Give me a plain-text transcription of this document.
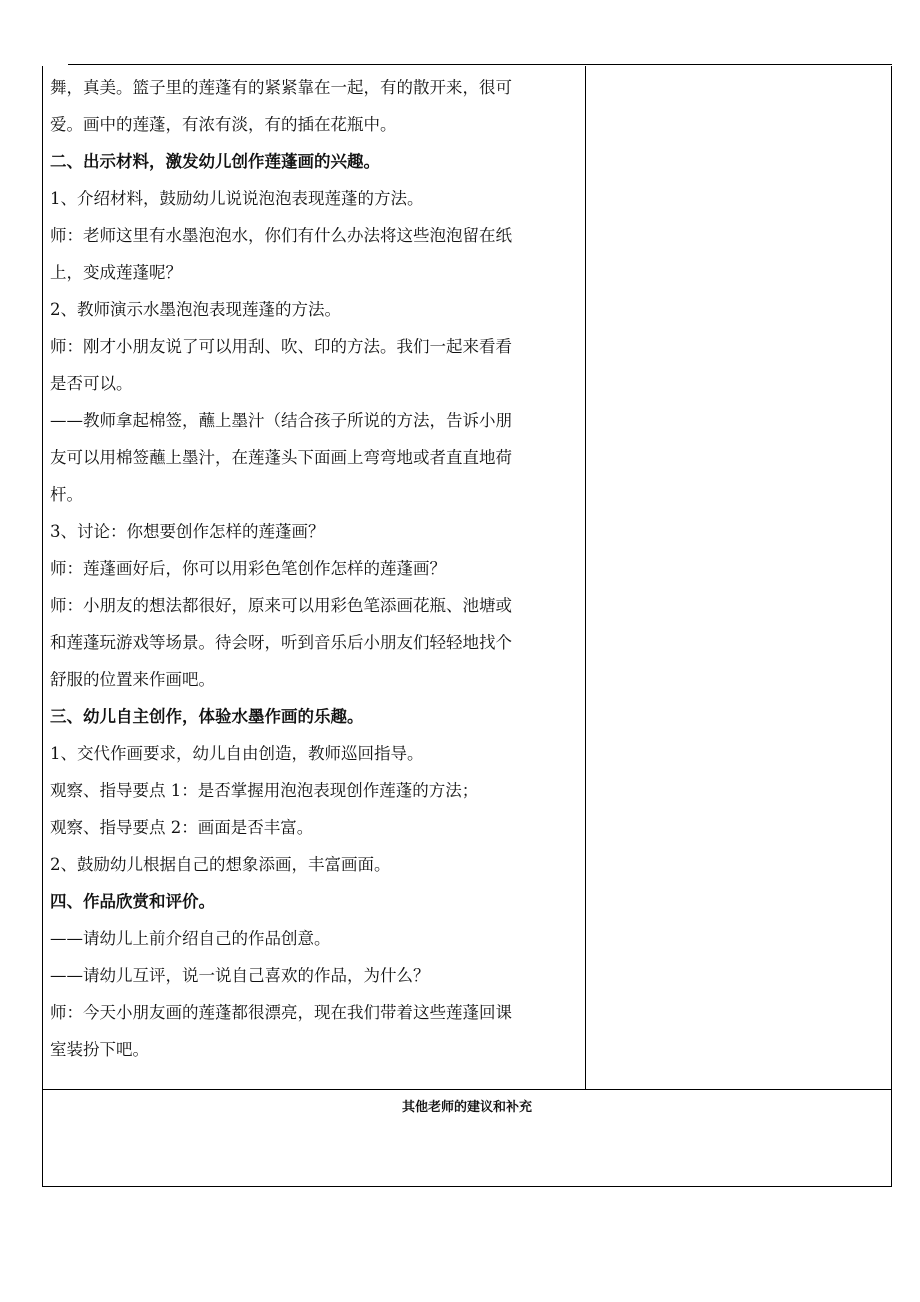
舞，真美。篮子里的莲蓬有的紧紧靠在一起，有的散开来，很可

爱。画中的莲蓬，有浓有淡，有的插在花瓶中。

二、出示材料，激发幼儿创作莲蓬画的兴趣。

1、介绍材料，鼓励幼儿说说泡泡表现莲蓬的方法。

师：老师这里有水墨泡泡水，你们有什么办法将这些泡泡留在纸

上，变成莲蓬呢？

2、教师演示水墨泡泡表现莲蓬的方法。

师：刚才小朋友说了可以用刮、吹、印的方法。我们一起来看看

是否可以。

——教师拿起棉签，蘸上墨汁（结合孩子所说的方法，告诉小朋

友可以用棉签蘸上墨汁，在莲蓬头下面画上弯弯地或者直直地荷

杆。

3、讨论：你想要创作怎样的莲蓬画？

师：莲蓬画好后，你可以用彩色笔创作怎样的莲蓬画？

师：小朋友的想法都很好，原来可以用彩色笔添画花瓶、池塘或

和莲蓬玩游戏等场景。待会呀，听到音乐后小朋友们轻轻地找个

舒服的位置来作画吧。

三、幼儿自主创作，体验水墨作画的乐趣。

1、交代作画要求，幼儿自由创造，教师巡回指导。

观察、指导要点 1：是否掌握用泡泡表现创作莲蓬的方法；

观察、指导要点 2：画面是否丰富。

2、鼓励幼儿根据自己的想象添画，丰富画面。

四、作品欣赏和评价。

——请幼儿上前介绍自己的作品创意。

——请幼儿互评，说一说自己喜欢的作品，为什么？

师：今天小朋友画的莲蓬都很漂亮，现在我们带着这些莲蓬回课

室装扮下吧。

其他老师的建议和补充
